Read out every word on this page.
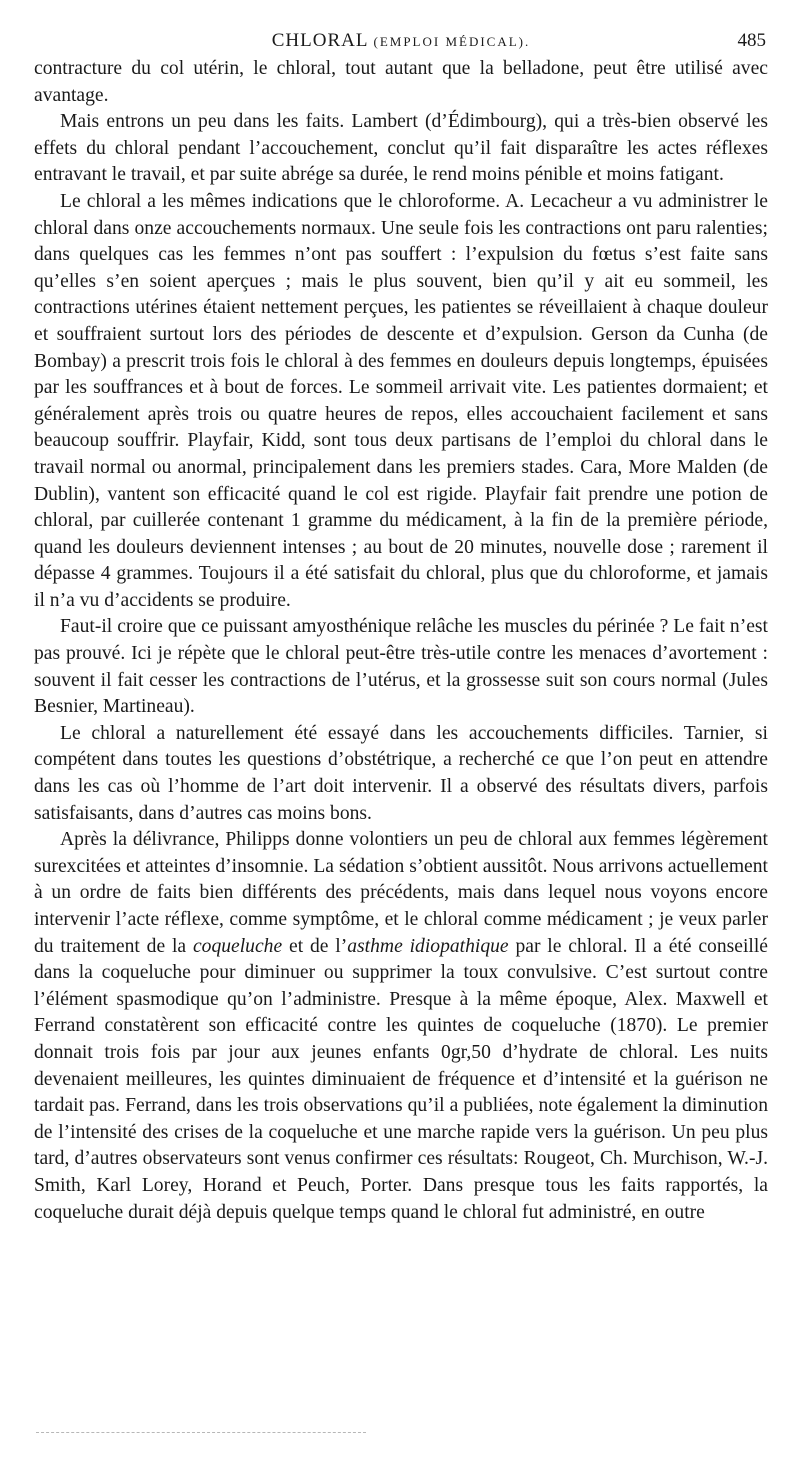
CHLORAL (EMPLOI MÉDICAL).	485

contracture du col utérin, le chloral, tout autant que la belladone, peut être utilisé avec avantage.

Mais entrons un peu dans les faits. Lambert (d’Édimbourg), qui a très-bien observé les effets du chloral pendant l’accouchement, conclut qu’il fait disparaître les actes réflexes entravant le travail, et par suite abrége sa durée, le rend moins pénible et moins fatigant.

Le chloral a les mêmes indications que le chloroforme. A. Lecacheur a vu administrer le chloral dans onze accouchements normaux. Une seule fois les contractions ont paru ralenties; dans quelques cas les femmes n’ont pas souffert : l’expulsion du fœtus s’est faite sans qu’elles s’en soient aperçues ; mais le plus souvent, bien qu’il y ait eu sommeil, les contractions utérines étaient nettement perçues, les patientes se réveillaient à chaque douleur et souffraient surtout lors des périodes de descente et d’expulsion. Gerson da Cunha (de Bombay) a prescrit trois fois le chloral à des femmes en douleurs depuis longtemps, épuisées par les souffrances et à bout de forces. Le sommeil arrivait vite. Les patientes dormaient; et généralement après trois ou quatre heures de repos, elles accouchaient facilement et sans beaucoup souffrir. Playfair, Kidd, sont tous deux partisans de l’emploi du chloral dans le travail normal ou anormal, principalement dans les premiers stades. Cara, More Malden (de Dublin), vantent son efficacité quand le col est rigide. Playfair fait prendre une potion de chloral, par cuillerée contenant 1 gramme du médicament, à la fin de la première période, quand les douleurs deviennent intenses ; au bout de 20 minutes, nouvelle dose ; rarement il dépasse 4 grammes. Toujours il a été satisfait du chloral, plus que du chloroforme, et jamais il n’a vu d’accidents se produire.

Faut-il croire que ce puissant amyosthénique relâche les muscles du périnée ? Le fait n’est pas prouvé. Ici je répète que le chloral peut-être très-utile contre les menaces d’avortement : souvent il fait cesser les contractions de l’utérus, et la grossesse suit son cours normal (Jules Besnier, Martineau).

Le chloral a naturellement été essayé dans les accouchements difficiles. Tarnier, si compétent dans toutes les questions d’obstétrique, a recherché ce que l’on peut en attendre dans les cas où l’homme de l’art doit intervenir. Il a observé des résultats divers, parfois satisfaisants, dans d’autres cas moins bons.

Après la délivrance, Philipps donne volontiers un peu de chloral aux femmes légèrement surexcitées et atteintes d’insomnie. La sédation s’obtient aussitôt. Nous arrivons actuellement à un ordre de faits bien différents des précédents, mais dans lequel nous voyons encore intervenir l’acte réflexe, comme symptôme, et le chloral comme médicament ; je veux parler du traitement de la coqueluche et de l’asthme idiopathique par le chloral. Il a été conseillé dans la coqueluche pour diminuer ou supprimer la toux convulsive. C’est surtout contre l’élément spasmodique qu’on l’administre. Presque à la même époque, Alex. Maxwell et Ferrand constatèrent son efficacité contre les quintes de coqueluche (1870). Le premier donnait trois fois par jour aux jeunes enfants 0gr,50 d’hydrate de chloral. Les nuits devenaient meilleures, les quintes diminuaient de fréquence et d’intensité et la guérison ne tardait pas. Ferrand, dans les trois observations qu’il a publiées, note également la diminution de l’intensité des crises de la coqueluche et une marche rapide vers la guérison. Un peu plus tard, d’autres observateurs sont venus confirmer ces résultats: Rougeot, Ch. Murchison, W.-J. Smith, Karl Lorey, Horand et Peuch, Porter. Dans presque tous les faits rapportés, la coqueluche durait déjà depuis quelque temps quand le chloral fut administré, en outre
